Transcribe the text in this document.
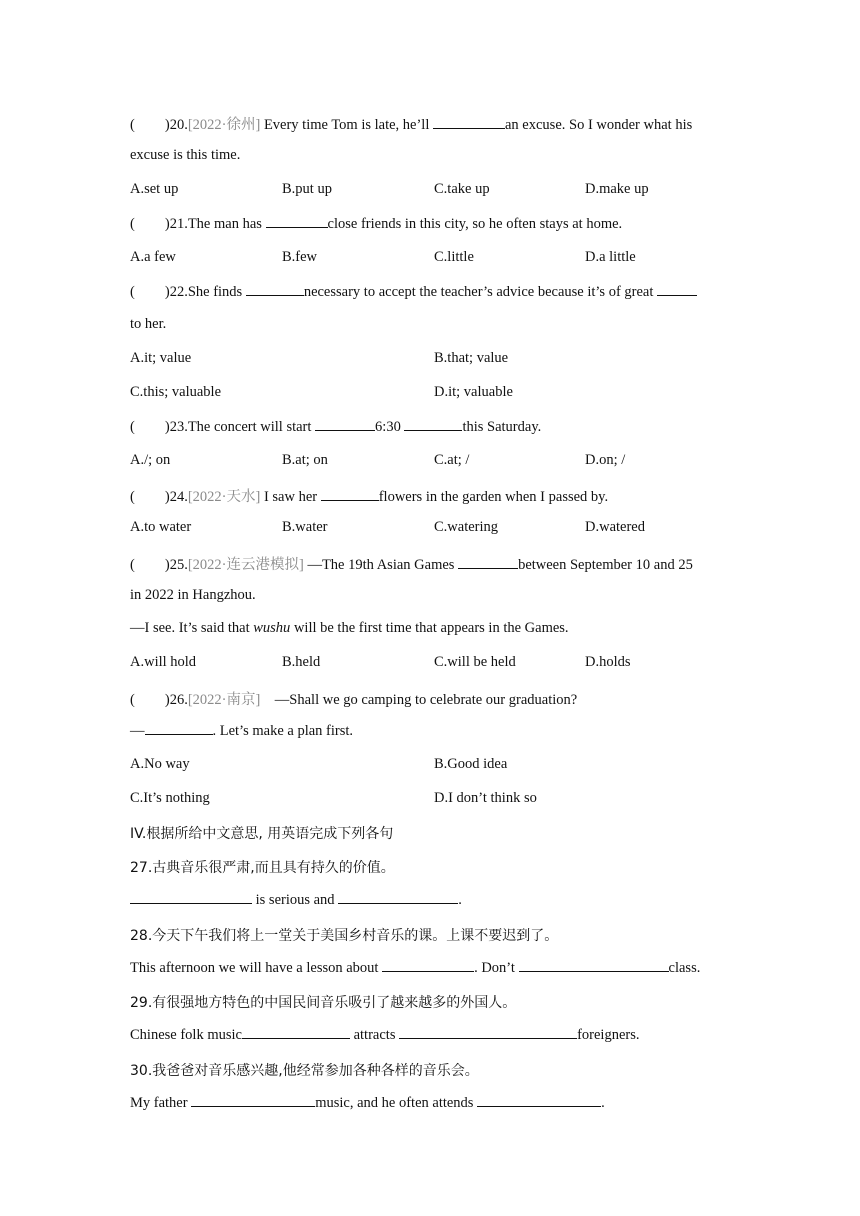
( )20.[2022·徐州] Every time Tom is late, he’ll	an excuse. So I wonder what his
excuse is this time.
A.set up	B.put up	C.take up	D.make up
( )21.The man has	close friends in this city, so he often stays at home.
A.a few	B.few	C.little	D.a little
( )22.She finds	necessary to accept the teacher’s advice because it’s of great
to her.
A.it; value	B.that; value
C.this; valuable	D.it; valuable
( )23.The concert will start	6:30	this Saturday.
A./; on	B.at; on	C.at; /	D.on; /
( )24.[2022·天水] I saw her	flowers in the garden when I passed by.
A.to water	B.water	C.watering	D.watered
( )25.[2022·连云港模拟] —The 19th Asian Games	between September 10 and 25
in 2022 in Hangzhou.
—I see. It’s said that wushu will be the first time that appears in the Games.
A.will hold	B.held	C.will be held	D.holds
( )26.[2022·南京]　—Shall we go camping to celebrate our graduation?
—	. Let’s make a plan first.
A.No way	B.Good idea
C.It’s nothing	D.I don’t think so
IV.根据所给中文意思, 用英语完成下列各句
27.古典音乐很严肃,而且具有持久的价值。
is serious and	.
28.今天下午我们将上一堂关于美国乡村音乐的课。上课不要迟到了。
This afternoon we will have a lesson about	. Don’t	class.
29.有很强地方特色的中国民间音乐吸引了越来越多的外国人。
Chinese folk music	attracts	foreigners.
30.我爸爸对音乐感兴趣,他经常参加各种各样的音乐会。
My father	music, and he often attends	.
